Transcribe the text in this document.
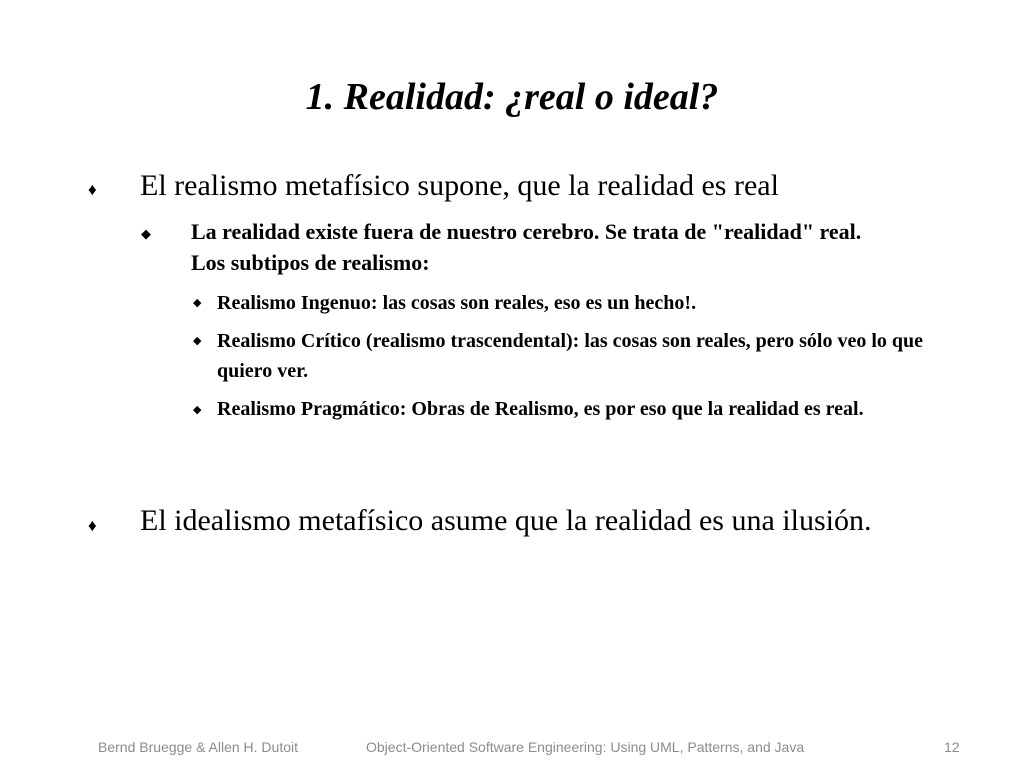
1. Realidad: ¿real o ideal?
♦ El realismo metafísico supone, que la realidad es real
◆ La realidad existe fuera de nuestro cerebro. Se trata de "realidad" real. Los subtipos de realismo:
◆ Realismo Ingenuo: las cosas son reales, eso es un hecho!.
◆ Realismo Crítico (realismo trascendental): las cosas son reales, pero sólo veo lo que quiero ver.
◆ Realismo Pragmático: Obras de Realismo, es por eso que la realidad es real.
♦ El idealismo metafísico asume que la realidad es una ilusión.
Bernd Bruegge & Allen H. Dutoit	Object-Oriented Software Engineering: Using UML, Patterns, and Java	12
